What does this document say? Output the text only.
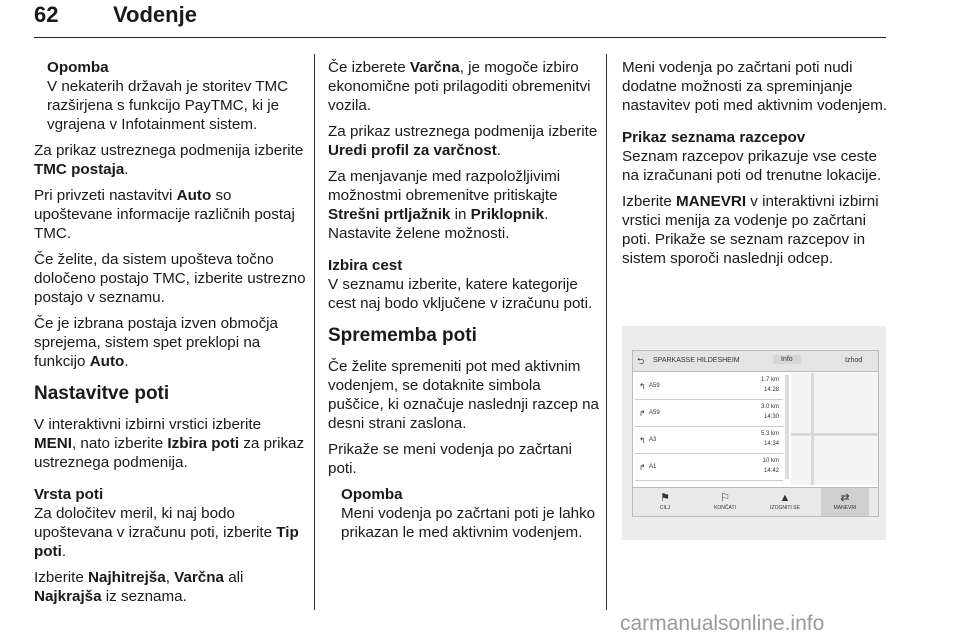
62 Vodenje
Opomba
V nekaterih državah je storitev TMC razširjena s funkcijo PayTMC, ki je vgrajena v Infotainment sistem.

Za prikaz ustreznega podmenija izberite TMC postaja.

Pri privzeti nastavitvi Auto so upoštevane informacije različnih postaj TMC.

Če želite, da sistem upošteva točno določeno postajo TMC, izberite ustrezno postajo v seznamu.

Če je izbrana postaja izven območja sprejema, sistem spet preklopi na funkcijo Auto.

Nastavitve poti

V interaktivni izbirni vrstici izberite MENI, nato izberite Izbira poti za prikaz ustreznega podmenija.

Vrsta poti

Za določitev meril, ki naj bodo upoštevana v izračunu poti, izberite Tip poti.

Izberite Najhitrejša, Varčna ali Najkrajša iz seznama.

Če izberete Varčna, je mogoče izbiro ekonomične poti prilagoditi obremenitvi vozila.

Za prikaz ustreznega podmenija izberite Uredi profil za varčnost.

Za menjavanje med razpoložljivimi možnostmi obremenitve pritiskajte Strešni prtljažnik in Priklopnik.
Nastavite želene možnosti.

Izbira cest

V seznamu izberite, katere kategorije cest naj bodo vključene v izračunu poti.

Sprememba poti

Če želite spremeniti pot med aktivnim vodenjem, se dotaknite simbola puščice, ki označuje naslednji razcep na desni strani zaslona.

Prikaže se meni vodenja po začrtani poti.

Opomba
Meni vodenja po začrtani poti je lahko prikazan le med aktivnim vodenjem.

Meni vodenja po začrtani poti nudi dodatne možnosti za spreminjanje nastavitev poti med aktivnim vodenjem.

Prikaz seznama razcepov

Seznam razcepov prikazuje vse ceste na izračunani poti od trenutne lokacije.

Izberite MANEVRI v interaktivni izbirni vrstici menija za vodenje po začrtani poti. Prikaže se seznam razcepov in sistem sporoči naslednji odcep.

⮌ SPARKASSE HILDESHEIM	Info	Izhod
↰ A59
1.7 km
14:28
↱ A59
3.0 km
14:30
↰ A3
5.3 km
14:34
↱ A1
10 km
14:42
⚑
CILJ
⚐
KONČATI
▲
IZOGNITI SE
⇄
MANEVRI
carmanualsonline.info
